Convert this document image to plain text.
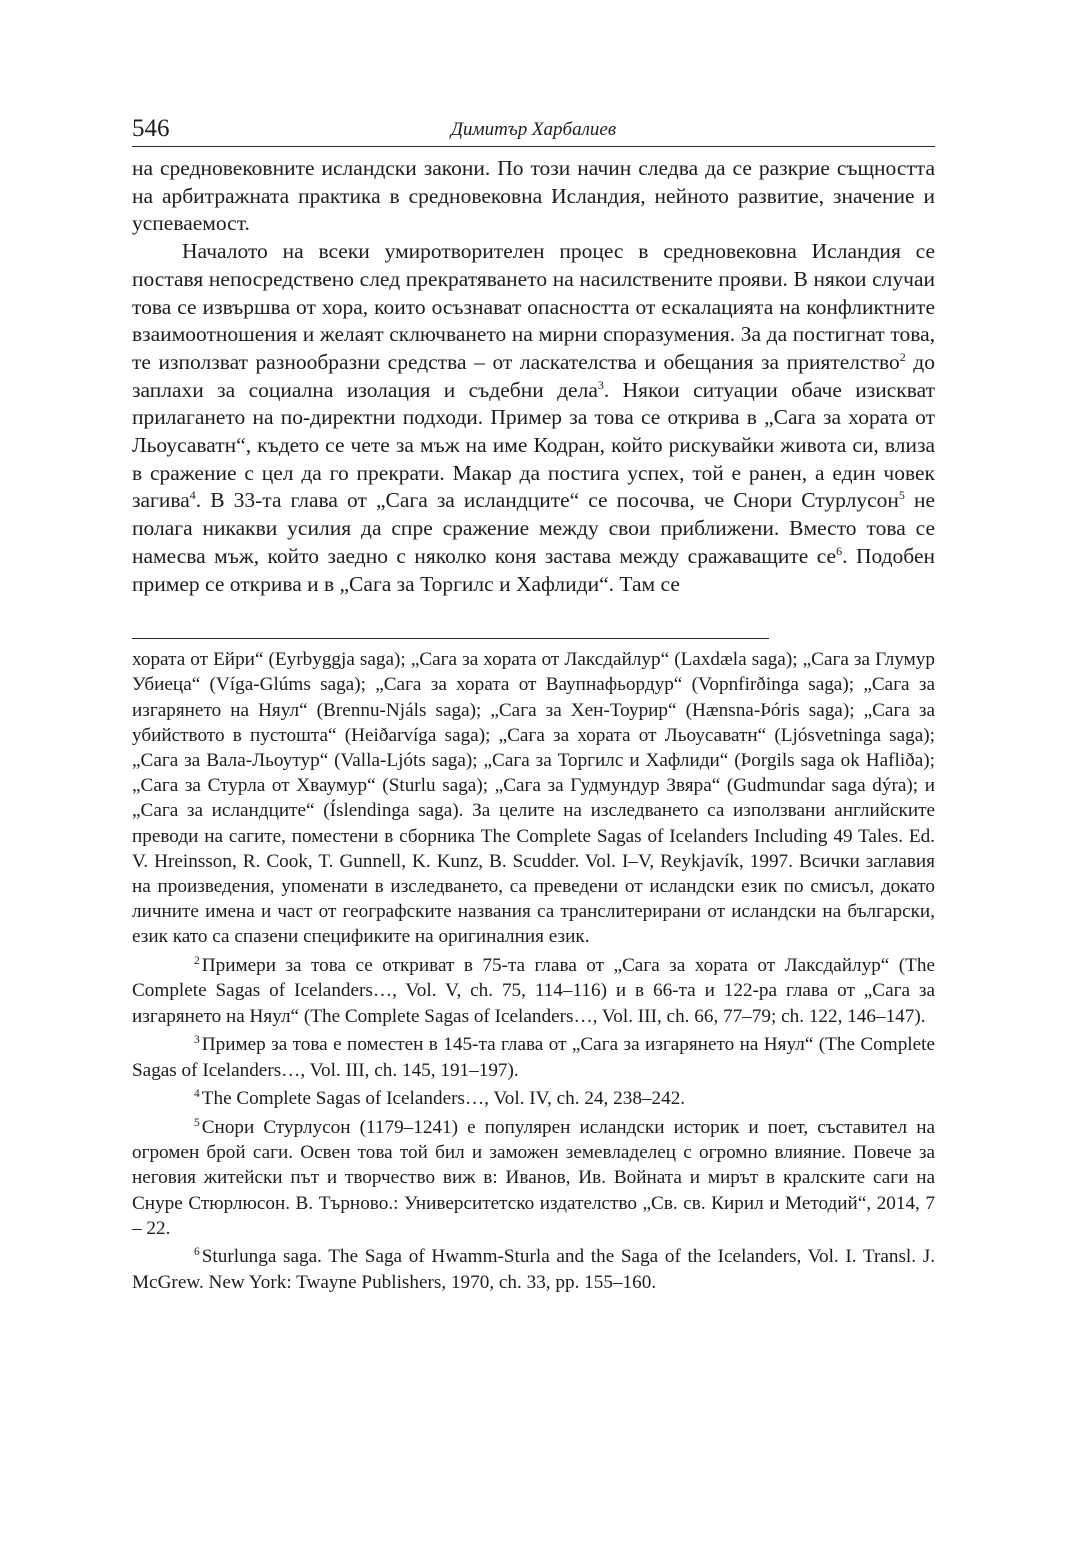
546	Димитър Харбалиев

на средновековните исландски закони. По този начин следва да се разкрие същността на арбитражната практика в средновековна Исландия, нейното развитие, значение и успеваемост.

Началото на всеки умиротворителен процес в средновековна Исландия се поставя непосредствено след прекратяването на насилствените прояви. В някои случаи това се извършва от хора, които осъзнават опасността от ескалацията на конфликтните взаимоотношения и желаят сключването на мирни споразумения. За да постигнат това, те използват разнообразни средства – от ласкателства и обещания за приятелство$^2$ до заплахи за социална изолация и съдебни дела$^3$. Някои ситуации обаче изискват прилагането на по-директни подходи. Пример за това се открива в „Сага за хората от Льоусаватн“, където се чете за мъж на име Кодран, който рискувайки живота си, влиза в сражение с цел да го прекрати. Макар да постига успех, той е ранен, а един човек загива$^4$. В 33-та глава от „Сага за исландците“ се посочва, че Снори Стурлусон$^5$ не полага никакви усилия да спре сражение между свои приближени. Вместо това се намесва мъж, който заедно с няколко коня застава между сражаващите $се^6$. Подобен пример се открива и в „Сага за Торгилс и Хафлиди“. Там се

хората от Ейри“ (Eyrbyggja saga); „Сага за хората от Лаксдайлур“ (Laxdæla saga); „Сага за Глумур Убиеца“ (Víga-Glúms saga); „Сага за хората от Ваупнафьордур“ (Vopnfirðinga saga); „Сага за изгарянето на Няул“ (Brennu-Njáls saga); „Сага за Хен-Тоурир“ (Hænsna-Þóris saga); „Сага за убийството в пустошта“ (Heiðarvíga saga); „Сага за хората от Льоусаватн“ (Ljósvetninga saga); „Сага за Вала-Льоутур“ (Valla-Ljóts saga); „Сага за Торгилс и Хафлиди“ (Þorgils saga ok Hafliða); „Сага за Стурла от Хваумур“ (Sturlu saga); „Сага за Гудмундур Звяра“ (Gudmundar saga dýra); и „Сага за исландците“ (Íslendinga saga). За целите на изследването са използвани английските преводи на сагите, поместени в сборника The Complete Sagas of Icelanders Including 49 Tales. Ed. V. Hreinsson, R. Cook, T. Gunnell, K. Kunz, B. Scudder. Vol. I–V, Reykjavík, 1997. Всички заглавия на произведения, упоменати в изследването, са преведени от исландски език по смисъл, докато личните имена и част от географските названия са транслитерирани от исландски на български, език като са спазени спецификите на оригиналния език.

$^2$ Примери за това се откриват в 75-та глава от „Сага за хората от Лаксдайлур“ (The Complete Sagas of Icelanders…, Vol. V, ch. 75, 114–116) и в 66-та и 122-ра глава от „Сага за изгарянето на Няул“ (The Complete Sagas of Icelanders…, Vol. III, ch. 66, 77–79; ch. 122, 146–147).

$^3$ Пример за това е поместен в 145-та глава от „Сага за изгарянето на Няул“ (The Complete Sagas of Icelanders…, Vol. III, ch. 145, 191–197).

$^4$ The Complete Sagas of Icelanders…, Vol. IV, ch. 24, 238–242.

$^5$ Снори Стурлусон (1179–1241) е популярен исландски историк и поет, съставител на огромен брой саги. Освен това той бил и заможен земевладелец с огромно влияние. Повече за неговия житейски път и творчество виж в: Иванов, Ив. Войната и мирът в кралските саги на Снуре Стюрлюсон. В. Търново.: Университетско издателство „Св. св. Кирил и Методий“, 2014, 7 – 22.

$^6$ Sturlunga saga. The Saga of Hwamm-Sturla and the Saga of the Icelanders, Vol. I. Transl. J. McGrew. New York: Twayne Publishers, 1970, ch. 33, pp. 155–160.
